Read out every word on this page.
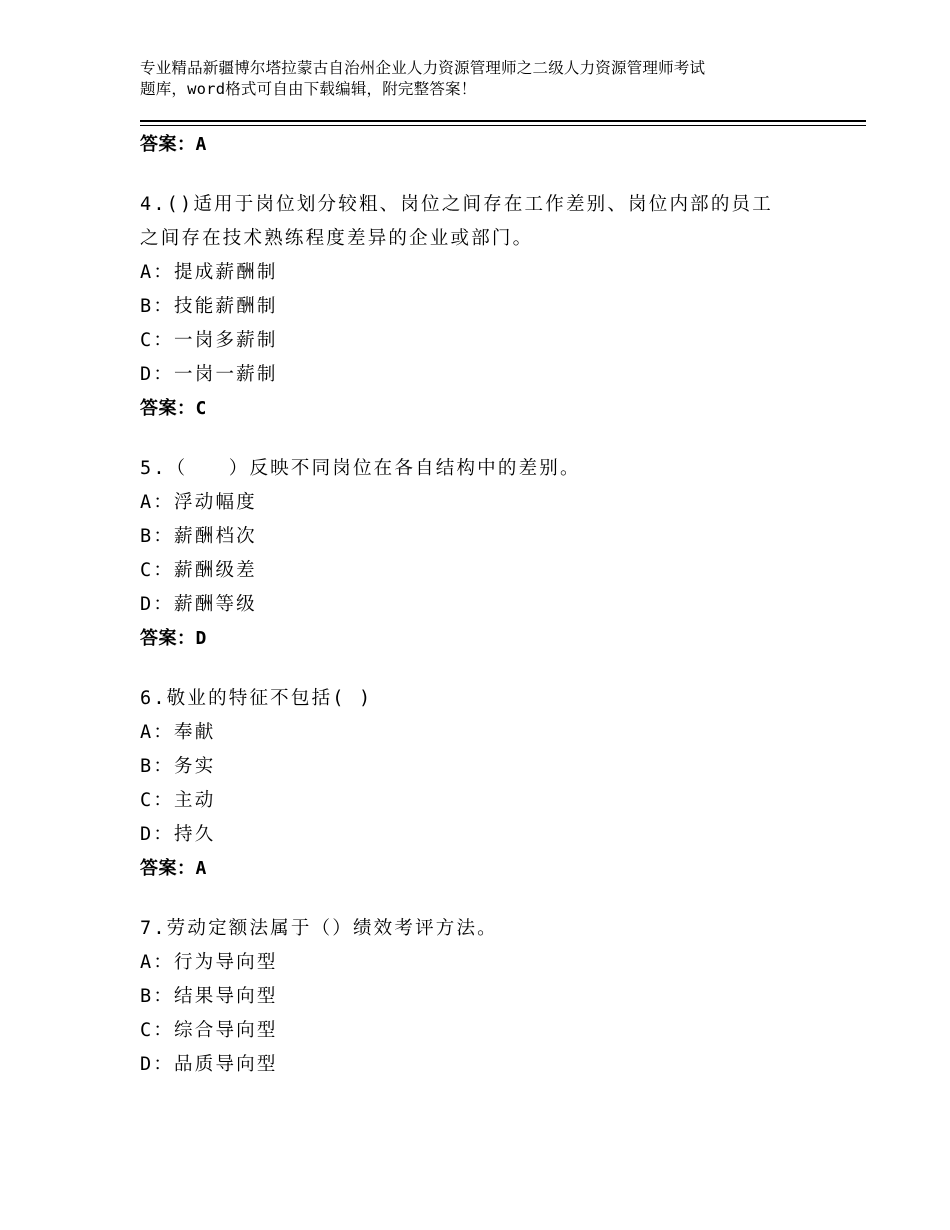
专业精品新疆博尔塔拉蒙古自治州企业人力资源管理师之二级人力资源管理师考试
题库，word格式可自由下载编辑，附完整答案！
答案：A
4.()适用于岗位划分较粗、岗位之间存在工作差别、岗位内部的员工
之间存在技术熟练程度差异的企业或部门。
A：提成薪酬制
B：技能薪酬制
C：一岗多薪制
D：一岗一薪制
答案：C
5.（　　）反映不同岗位在各自结构中的差别。
A：浮动幅度
B：薪酬档次
C：薪酬级差
D：薪酬等级
答案：D
6.敬业的特征不包括( )
A：奉献
B：务实
C：主动
D：持久
答案：A
7.劳动定额法属于（）绩效考评方法。
A：行为导向型
B：结果导向型
C：综合导向型
D：品质导向型
